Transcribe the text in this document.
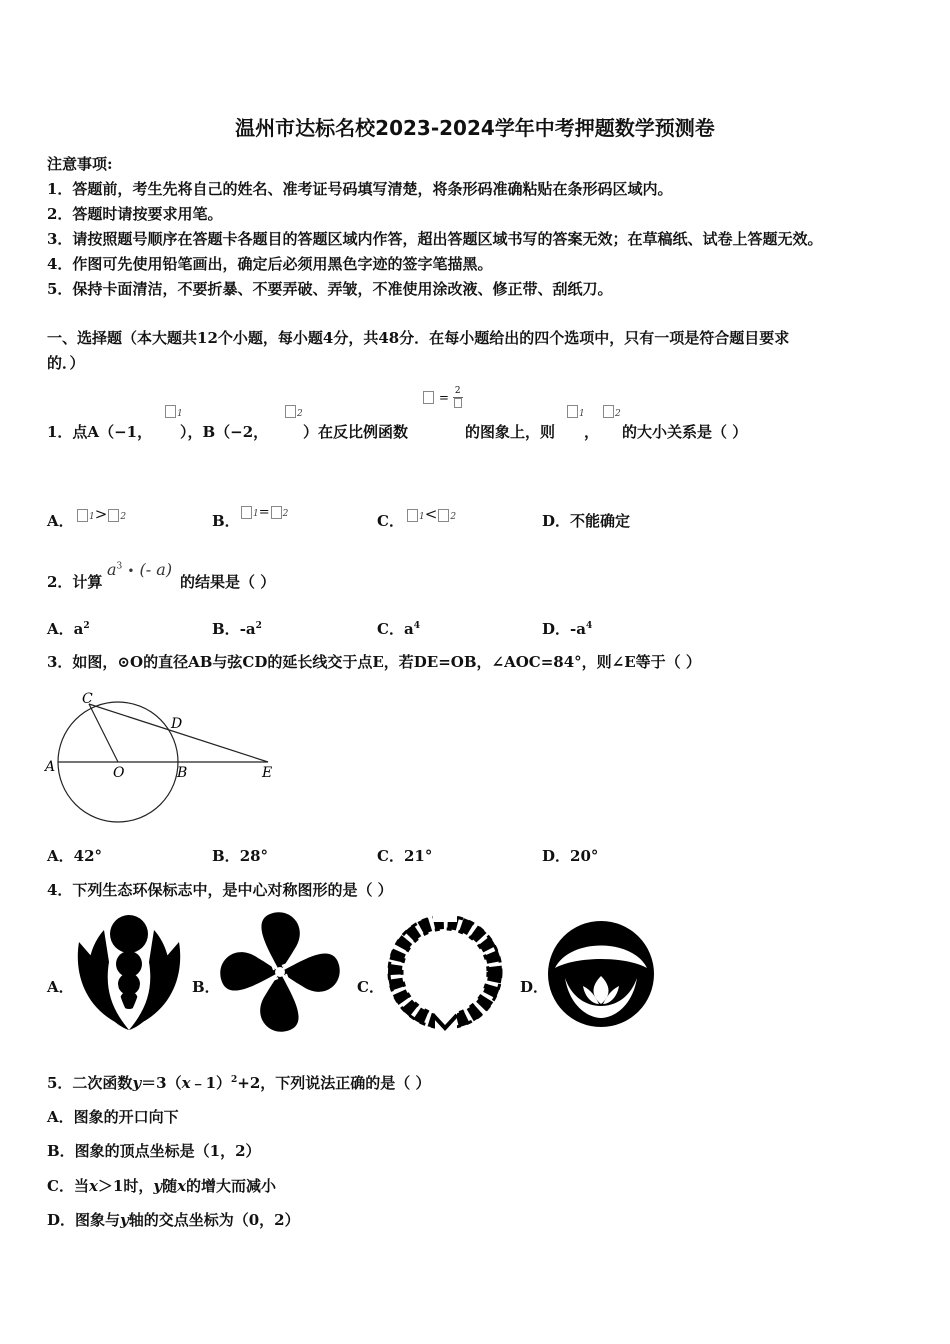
温州市达标名校2023-2024学年中考押题数学预测卷
注意事项:
1．答题前，考生先将自己的姓名、准考证号码填写清楚，将条形码准确粘贴在条形码区域内。
2．答题时请按要求用笔。
3．请按照题号顺序在答题卡各题目的答题区域内作答，超出答题区域书写的答案无效；在草稿纸、试卷上答题无效。
4．作图可先使用铅笔画出，确定后必须用黑色字迹的签字笔描黑。
5．保持卡面清洁，不要折暴、不要弄破、弄皱，不准使用涂改液、修正带、刮纸刀。
一、选择题（本大题共12个小题，每小题4分，共48分．在每小题给出的四个选项中，只有一项是符合题目要求
的．）
1．点A（−1，
1
），B（−2，
2
）在反比例函数
= 2
的图象上，则
1
，
2
的大小关系是（ ）
A．	1> 2	B．	1= 2	C．	1< 2	D．不能确定
2．计算
$a^3$ • (- a)
的结果是（ ）
A．$a^2$	B．$-a^2$	C．$a^4$	D．$-a^4$
3．如图，⊙O的直径AB与弦CD的延长线交于点E，若DE=OB，∠AOC=84°，则∠E等于（ ）
C
D
A	O	B	E
A．42°	B．28°	C．21°	D．20°
4．下列生态环保标志中，是中心对称图形的是（ ）
A．	B．	C．	D．
5．二次函数y＝3（x﹣1）$^2$+2，下列说法正确的是（ ）
A．图象的开口向下
B．图象的顶点坐标是（1，2）
C．当x＞1时，y随x的增大而减小
D．图象与y轴的交点坐标为（0，2）
